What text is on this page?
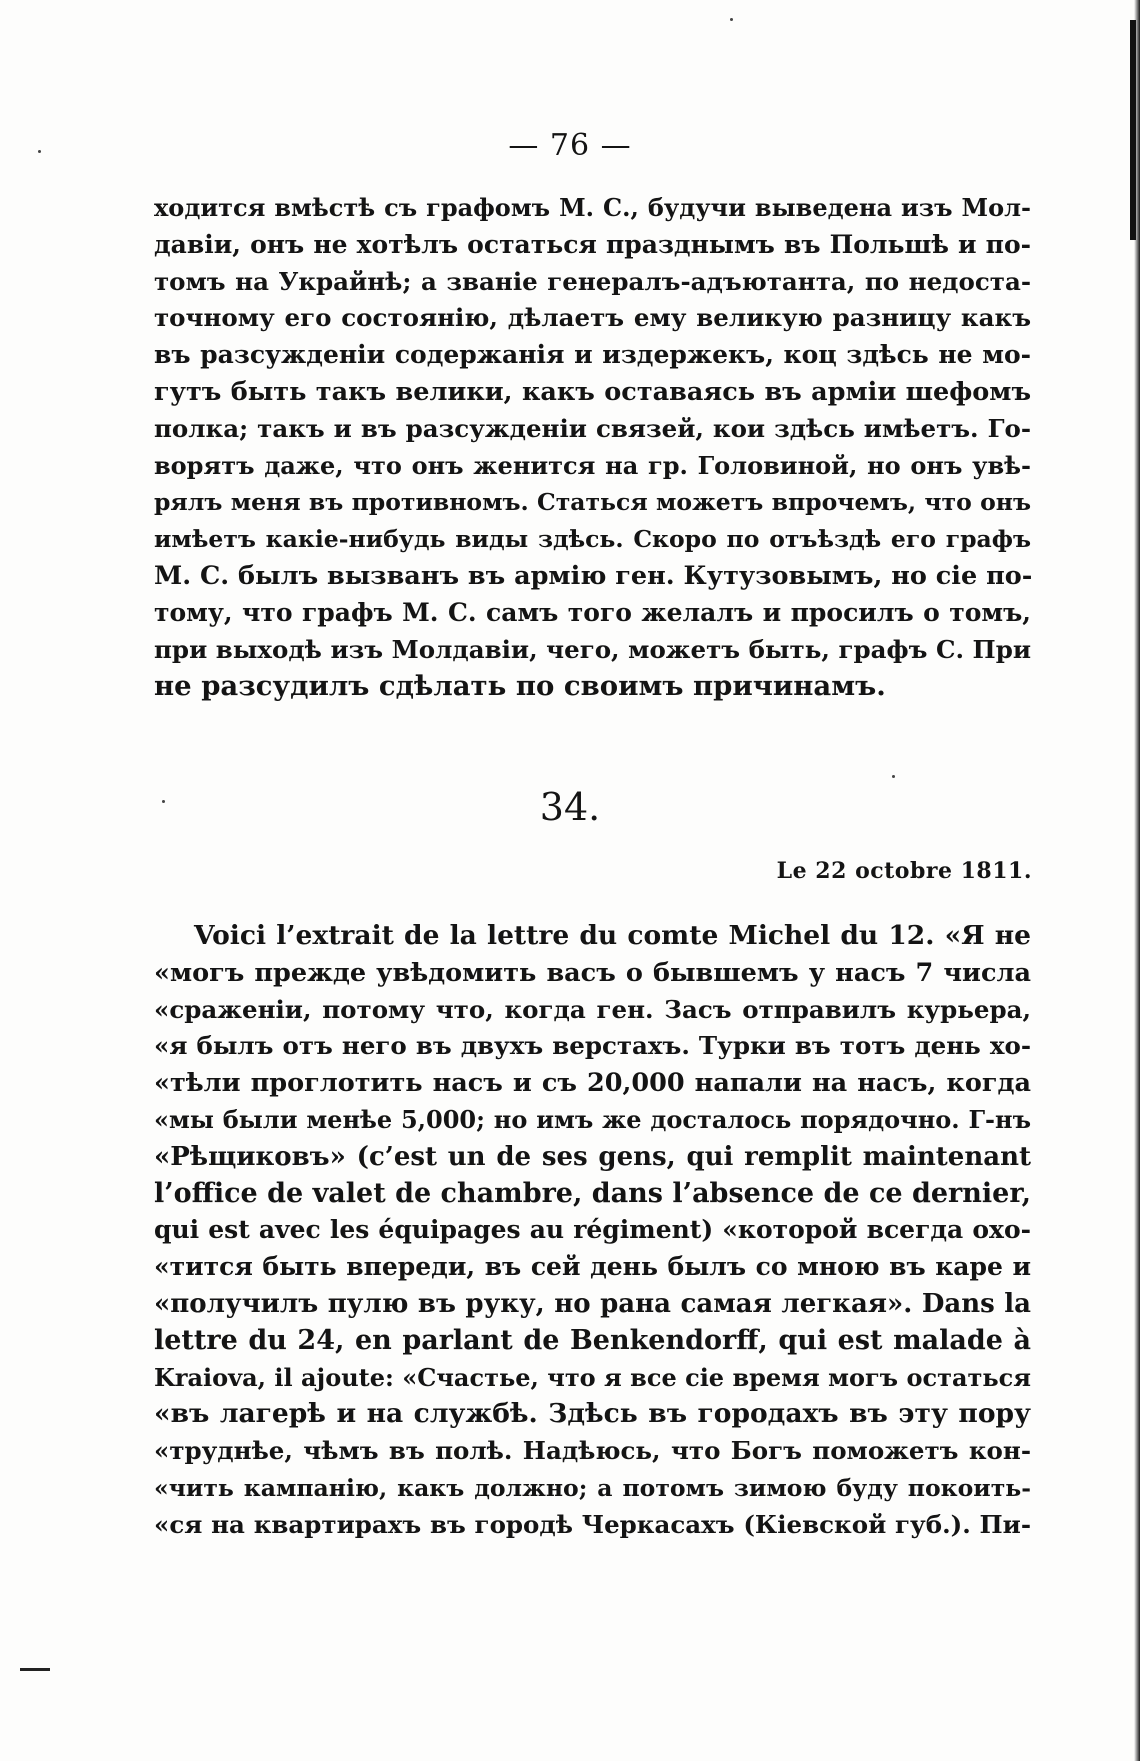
— 76 —
ходится вмѣстѣ съ графомъ М. С., будучи выведена изъ Мол-
давіи, онъ не хотѣлъ остаться празднымъ въ Польшѣ и по-
томъ на Украйнѣ; а званіе генералъ-адъютанта, по недоста-
точному его состоянію, дѣлаетъ ему великую разницу какъ
въ разсужденіи содержанія и издержекъ, коц здѣсь не мо-
гутъ быть такъ велики, какъ оставаясь въ арміи шефомъ
полка; такъ и въ разсужденіи связей, кои здѣсь имѣетъ. Го-
ворятъ даже, что онъ женится на гр. Головиной, но онъ увѣ-
рялъ меня въ противномъ. Статься можетъ впрочемъ, что онъ
имѣетъ какіе-нибудь виды здѣсь. Скоро по отъѣздѣ его графъ
М. С. былъ вызванъ въ армію ген. Кутузовымъ, но сіе по-
тому, что графъ М. С. самъ того желалъ и просилъ о томъ,
при выходѣ изъ Молдавіи, чего, можетъ быть, графъ С. При
не разсудилъ сдѣлать по своимъ причинамъ.
34.
Le 22 octobre 1811.
Voici l’extrait de la lettre du comte Michel du 12. «Я не
«могъ прежде увѣдомить васъ о бывшемъ у насъ 7 числа
«сраженіи, потому что, когда ген. Засъ отправилъ курьера,
«я былъ отъ него въ двухъ верстахъ. Турки въ тотъ день хо-
«тѣли проглотить насъ и съ 20,000 напали на насъ, когда
«мы были менѣе 5,000; но имъ же досталось порядочно. Г-нъ
«Рѣщиковъ» (c’est un de ses gens, qui remplit maintenant
l’office de valet de chambre, dans l’absence de ce dernier,
qui est avec les équipages au régiment) «которой всегда охо-
«тится быть впереди, въ сей день былъ со мною въ каре и
«получилъ пулю въ руку, но рана самая легкая». Dans la
lettre du 24, en parlant de Benkendorff, qui est malade à
Kraiova, il ajoute: «Счастье, что я все сіе время могъ остаться
«въ лагерѣ и на службѣ. Здѣсь въ городахъ въ эту пору
«труднѣе, чѣмъ въ полѣ. Надѣюсь, что Богъ поможетъ кон-
«чить кампанію, какъ должно; а потомъ зимою буду покоить-
«ся на квартирахъ въ городѣ Черкасахъ (Кіевской губ.). Пи-
